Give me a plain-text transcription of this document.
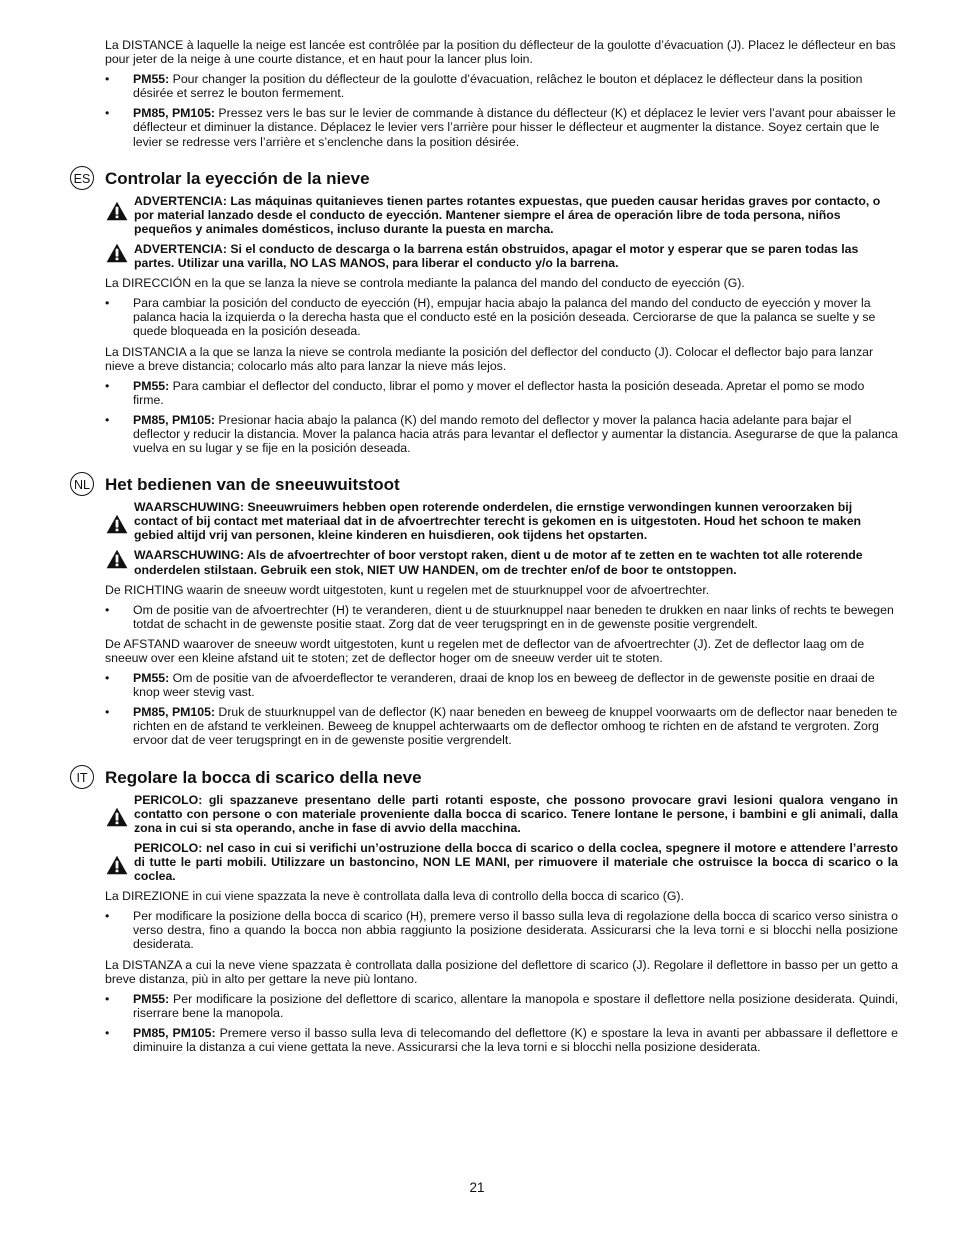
La DISTANCE à laquelle la neige est lancée est contrôlée par la position du déflecteur de la goulotte d’évacuation (J). Placez le déflecteur en bas pour jeter de la neige à une courte distance, et en haut pour la lancer plus loin.

• PM55: Pour changer la position du déflecteur de la goulotte d’évacuation, relâchez le bouton et déplacez le déflecteur dans la position désirée et serrez le bouton fermement.

• PM85, PM105: Pressez vers le bas sur le levier de commande à distance du déflecteur (K) et déplacez le levier vers l’avant pour abaisser le déflecteur et diminuer la distance. Déplacez le levier vers l’arrière pour hisser le déflecteur et augmenter la distance. Soyez certain que le levier se redresse vers l’arrière et s’enclenche dans la position désirée.

ES Controlar la eyección de la nieve

ADVERTENCIA: Las máquinas quitanieves tienen partes rotantes expuestas, que pueden causar heridas graves por contacto, o por material lanzado desde el conducto de eyección. Mantener siempre el área de operación libre de toda persona, niños pequeños y animales domésticos, incluso durante la puesta en marcha.

ADVERTENCIA: Si el conducto de descarga o la barrena están obstruidos, apagar el motor y esperar que se paren todas las partes. Utilizar una varilla, NO LAS MANOS, para liberar el conducto y/o la barrena.

La DIRECCIÓN en la que se lanza la nieve se controla mediante la palanca del mando del conducto de eyección (G).

• Para cambiar la posición del conducto de eyección (H), empujar hacia abajo la palanca del mando del conducto de eyección y mover la palanca hacia la izquierda o la derecha hasta que el conducto esté en la posición deseada. Cerciorarse de que la palanca se suelte y se quede bloqueada en la posición deseada.

La DISTANCIA a la que se lanza la nieve se controla mediante la posición del deflector del conducto (J). Colocar el deflector bajo para lanzar nieve a breve distancia; colocarlo más alto para lanzar la nieve más lejos.

• PM55: Para cambiar el deflector del conducto, librar el pomo y mover el deflector hasta la posición deseada. Apretar el pomo se modo firme.

• PM85, PM105: Presionar hacia abajo la palanca (K) del mando remoto del deflector y mover la palanca hacia adelante para bajar el deflector y reducir la distancia. Mover la palanca hacia atrás para levantar el deflector y aumentar la distancia. Asegurarse de que la palanca vuelva en su lugar y se fije en la posición deseada.

NL Het bedienen van de sneeuwuitstoot

WAARSCHUWING: Sneeuwruimers hebben open roterende onderdelen, die ernstige verwondingen kunnen veroorzaken bij contact of bij contact met materiaal dat in de afvoertrechter terecht is gekomen en is uitgestoten. Houd het schoon te maken gebied altijd vrij van personen, kleine kinderen en huisdieren, ook tijdens het opstarten.

WAARSCHUWING: Als de afvoertrechter of boor verstopt raken, dient u de motor af te zetten en te wachten tot alle roterende onderdelen stilstaan. Gebruik een stok, NIET UW HANDEN, om de trechter en/of de boor te ontstoppen.

De RICHTING waarin de sneeuw wordt uitgestoten, kunt u regelen met de stuurknuppel voor de afvoertrechter.

• Om de positie van de afvoertrechter (H) te veranderen, dient u de stuurknuppel naar beneden te drukken en naar links of rechts te bewegen totdat de schacht in de gewenste positie staat. Zorg dat de veer terugspringt en in de gewenste positie vergrendelt.

De AFSTAND waarover de sneeuw wordt uitgestoten, kunt u regelen met de deflector van de afvoertrechter (J). Zet de deflector laag om de sneeuw over een kleine afstand uit te stoten; zet de deflector hoger om de sneeuw verder uit te stoten.

• PM55: Om de positie van de afvoerdeflector te veranderen, draai de knop los en beweeg de deflector in de gewenste positie en draai de knop weer stevig vast.

• PM85, PM105: Druk de stuurknuppel van de deflector (K) naar beneden en beweeg de knuppel voorwaarts om de deflector naar beneden te richten en de afstand te verkleinen. Beweeg de knuppel achterwaarts om de deflector omhoog te richten en de afstand te vergroten. Zorg ervoor dat de veer terugspringt en in de gewenste positie vergrendelt.

IT	Regolare la bocca di scarico della neve

PERICOLO: gli spazzaneve presentano delle parti rotanti esposte, che possono provocare gravi lesioni qualora vengano in contatto con persone o con materiale proveniente dalla bocca di scarico. Tenere lontane le persone, i bambini e gli animali, dalla zona in cui si sta operando, anche in fase di avvio della macchina.

PERICOLO: nel caso in cui si verifichi un’ostruzione della bocca di scarico o della coclea, spegnere il motore e attendere l’arresto di tutte le parti mobili. Utilizzare un bastoncino, NON LE MANI, per rimuovere il materiale che ostruisce la bocca di scarico o la coclea.

La DIREZIONE in cui viene spazzata la neve è controllata dalla leva di controllo della bocca di scarico (G).

• Per modificare la posizione della bocca di scarico (H), premere verso il basso sulla leva di regolazione della bocca di scarico verso sinistra o verso destra, fino a quando la bocca non abbia raggiunto la posizione desiderata. Assicurarsi che la leva torni e si blocchi nella posizione desiderata.

La DISTANZA a cui la neve viene spazzata è controllata dalla posizione del deflettore di scarico (J). Regolare il deflettore in basso per un getto a breve distanza, più in alto per gettare la neve più lontano.

• PM55: Per modificare la posizione del deflettore di scarico, allentare la manopola e spostare il deflettore nella posizione desiderata. Quindi, riserrare bene la manopola.

• PM85, PM105: Premere verso il basso sulla leva di telecomando del deflettore (K) e spostare la leva in avanti per abbassare il deflettore e diminuire la distanza a cui viene gettata la neve. Assicurarsi che la leva torni e si blocchi nella posizione desiderata.

21
